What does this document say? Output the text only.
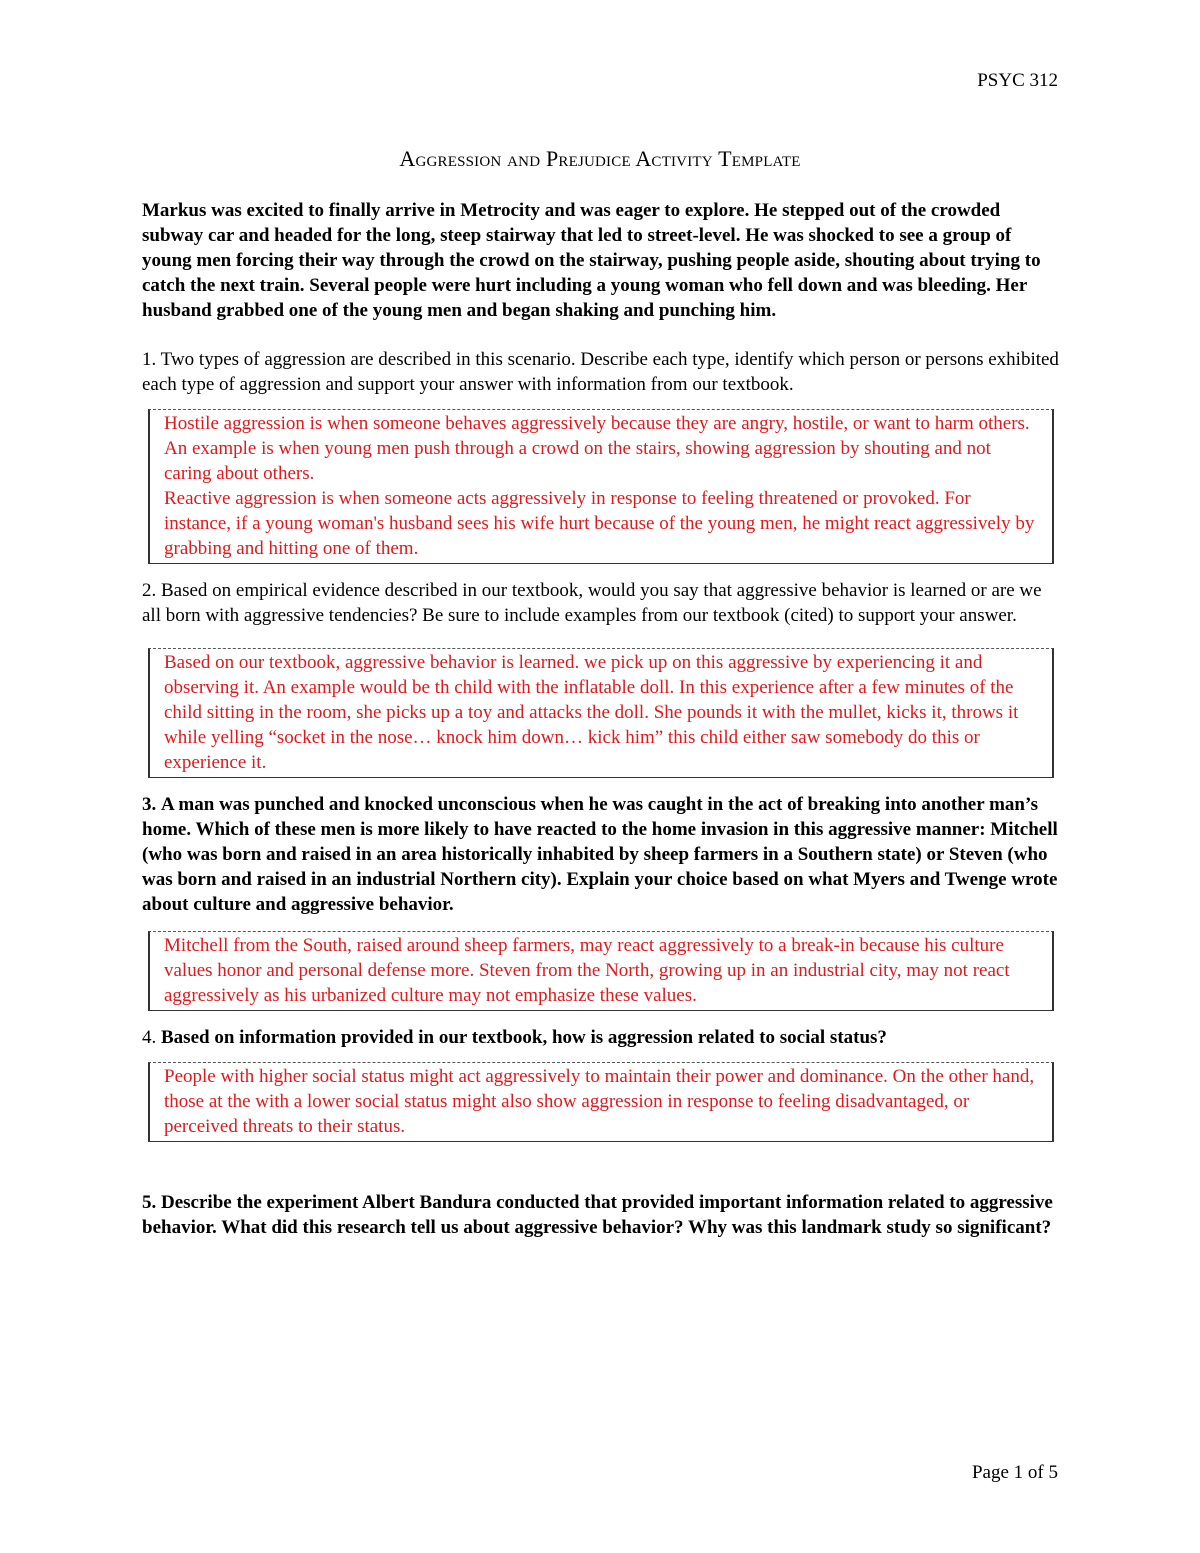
PSYC 312
Aggression and Prejudice Activity Template

Markus was excited to finally arrive in Metrocity and was eager to explore. He stepped out of the crowded subway car and headed for the long, steep stairway that led to street-level. He was shocked to see a group of young men forcing their way through the crowd on the stairway, pushing people aside, shouting about trying to catch the next train. Several people were hurt including a young woman who fell down and was bleeding. Her husband grabbed one of the young men and began shaking and punching him.

1. Two types of aggression are described in this scenario. Describe each type, identify which person or persons exhibited each type of aggression and support your answer with information from our textbook.

Hostile aggression is when someone behaves aggressively because they are angry, hostile, or want to harm others. An example is when young men push through a crowd on the stairs, showing aggression by shouting and not caring about others.

Reactive aggression is when someone acts aggressively in response to feeling threatened or provoked. For instance, if a young woman's husband sees his wife hurt because of the young men, he might react aggressively by grabbing and hitting one of them.

2. Based on empirical evidence described in our textbook, would you say that aggressive behavior is learned or are we all born with aggressive tendencies? Be sure to include examples from our textbook (cited) to support your answer.

Based on our textbook, aggressive behavior is learned. we pick up on this aggressive by experiencing it and observing it. An example would be th child with the inflatable doll. In this experience after a few minutes of the child sitting in the room, she picks up a toy and attacks the doll. She pounds it with the mullet, kicks it, throws it while yelling “socket in the nose… knock him down… kick him” this child either saw somebody do this or experience it.

3. A man was punched and knocked unconscious when he was caught in the act of breaking into another man’s home. Which of these men is more likely to have reacted to the home invasion in this aggressive manner: Mitchell (who was born and raised in an area historically inhabited by sheep farmers in a Southern state) or Steven (who was born and raised in an industrial Northern city). Explain your choice based on what Myers and Twenge wrote about culture and aggressive behavior.

Mitchell from the South, raised around sheep farmers, may react aggressively to a break-in because his culture values honor and personal defense more. Steven from the North, growing up in an industrial city, may not react aggressively as his urbanized culture may not emphasize these values.

4. Based on information provided in our textbook, how is aggression related to social status?

People with higher social status might act aggressively to maintain their power and dominance. On the other hand, those at the with a lower social status might also show aggression in response to feeling disadvantaged, or perceived threats to their status.

5. Describe the experiment Albert Bandura conducted that provided important information related to aggressive behavior. What did this research tell us about aggressive behavior? Why was this landmark study so significant?

Page 1 of 5
